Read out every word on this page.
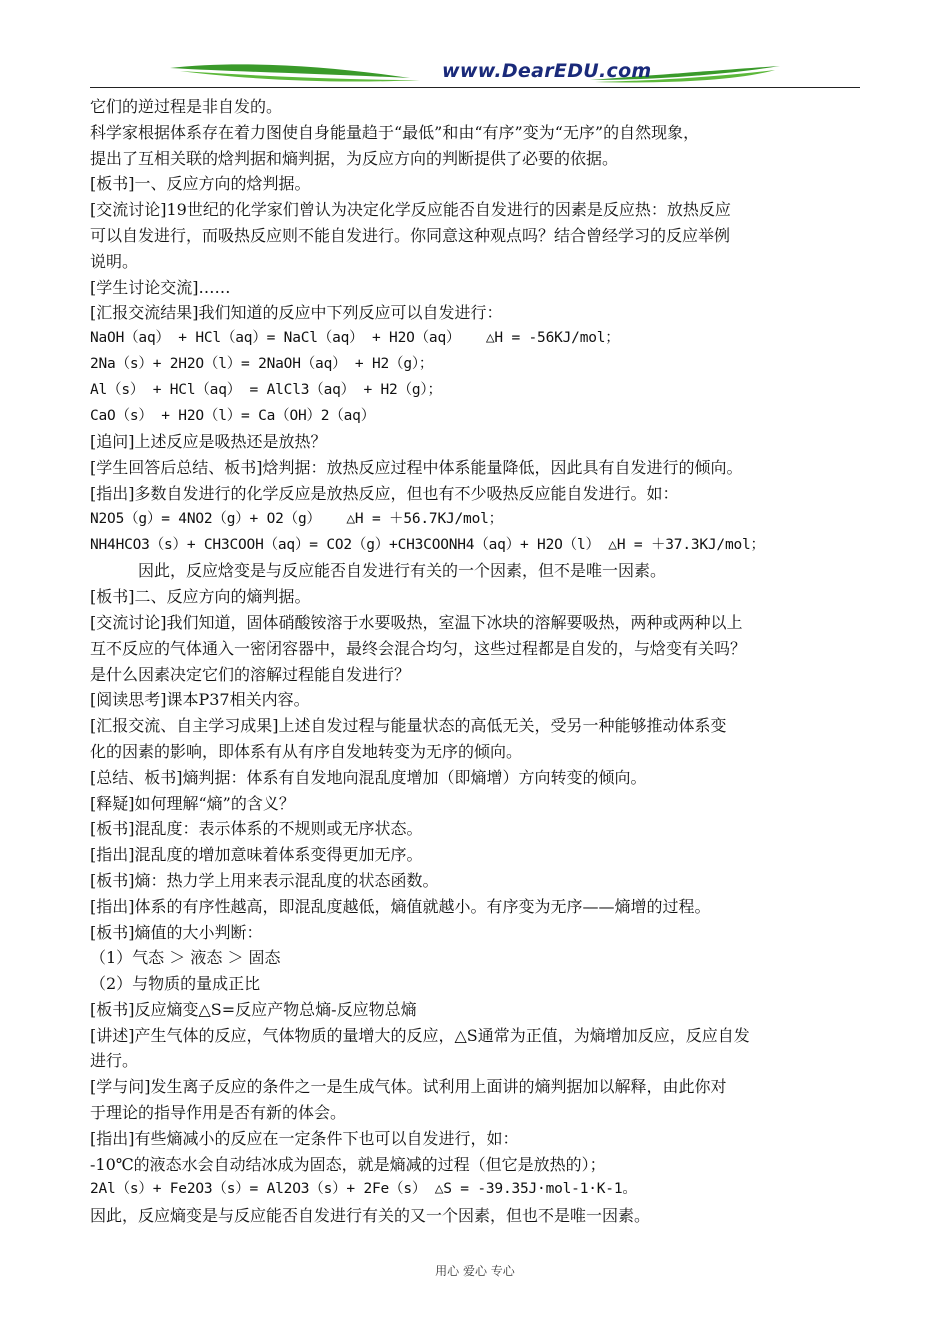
www.DearEDU.com
它们的逆过程是非自发的。
科学家根据体系存在着力图使自身能量趋于“最低”和由“有序”变为“无序”的自然现象，
提出了互相关联的焓判据和熵判据，为反应方向的判断提供了必要的依据。
[板书]一、反应方向的焓判据。
[交流讨论]19世纪的化学家们曾认为决定化学反应能否自发进行的因素是反应热：放热反应
可以自发进行，而吸热反应则不能自发进行。你同意这种观点吗？结合曾经学习的反应举例
说明。
[学生讨论交流]……
[汇报交流结果]我们知道的反应中下列反应可以自发进行：
NaOH（aq） + HCl（aq）= NaCl（aq） + H2O（aq）   △H = -56KJ/mol；
2Na（s）+ 2H2O（l）= 2NaOH（aq） + H2（g）；
Al（s） + HCl（aq） = AlCl3（aq） + H2（g）；
CaO（s） + H2O（l）= Ca（OH）2（aq）
[追问]上述反应是吸热还是放热？
[学生回答后总结、板书]焓判据：放热反应过程中体系能量降低，因此具有自发进行的倾向。
[指出]多数自发进行的化学反应是放热反应，但也有不少吸热反应能自发进行。如：
N2O5（g）= 4NO2（g）+ O2（g）   △H = ＋56.7KJ/mol；
NH4HCO3（s）+ CH3COOH（aq）= CO2（g）+CH3COONH4（aq）+ H2O（l） △H = ＋37.3KJ/mol；
因此，反应焓变是与反应能否自发进行有关的一个因素，但不是唯一因素。
[板书]二、反应方向的熵判据。
[交流讨论]我们知道，固体硝酸铵溶于水要吸热，室温下冰块的溶解要吸热，两种或两种以上
互不反应的气体通入一密闭容器中，最终会混合均匀，这些过程都是自发的，与焓变有关吗？
是什么因素决定它们的溶解过程能自发进行？
[阅读思考]课本P37相关内容。
[汇报交流、自主学习成果]上述自发过程与能量状态的高低无关，受另一种能够推动体系变
化的因素的影响，即体系有从有序自发地转变为无序的倾向。
[总结、板书]熵判据：体系有自发地向混乱度增加（即熵增）方向转变的倾向。
[释疑]如何理解“熵”的含义？
[板书]混乱度：表示体系的不规则或无序状态。
[指出]混乱度的增加意味着体系变得更加无序。
[板书]熵：热力学上用来表示混乱度的状态函数。
[指出]体系的有序性越高，即混乱度越低，熵值就越小。有序变为无序——熵增的过程。
[板书]熵值的大小判断：
（1）气态 ＞ 液态 ＞ 固态
（2）与物质的量成正比
[板书]反应熵变△S=反应产物总熵-反应物总熵
[讲述]产生气体的反应，气体物质的量增大的反应，△S通常为正值，为熵增加反应，反应自发
进行。
[学与问]发生离子反应的条件之一是生成气体。试利用上面讲的熵判据加以解释，由此你对
于理论的指导作用是否有新的体会。
[指出]有些熵减小的反应在一定条件下也可以自发进行，如：
-10℃的液态水会自动结冰成为固态，就是熵减的过程（但它是放热的）；
2Al（s）+ Fe2O3（s）= Al2O3（s）+ 2Fe（s） △S = -39.35J·mol-1·K-1。
因此，反应熵变是与反应能否自发进行有关的又一个因素，但也不是唯一因素。
用心 爱心 专心
